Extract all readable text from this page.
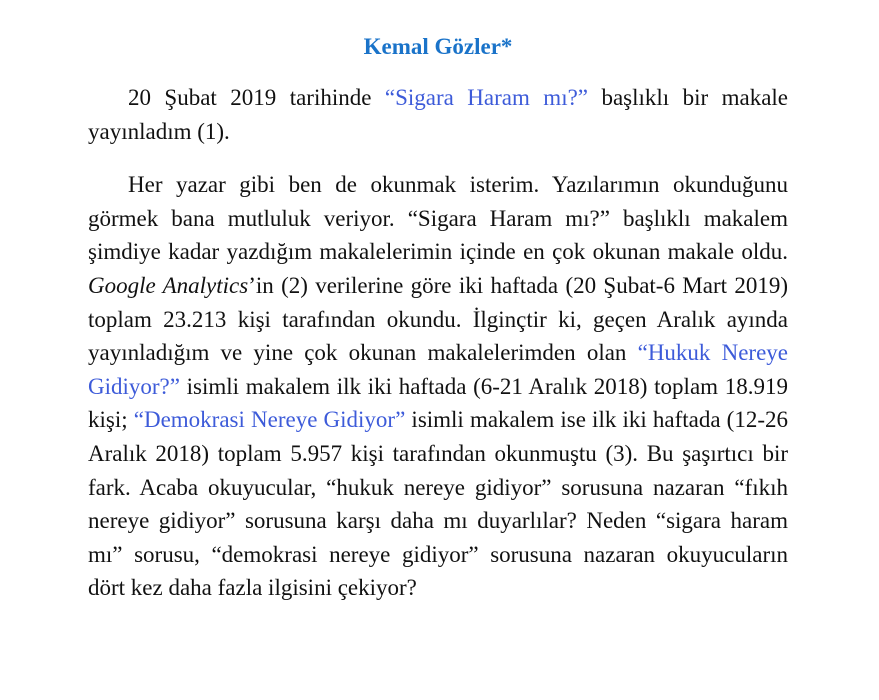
Kemal Gözler*

20 Şubat 2019 tarihinde “Sigara Haram mı?” başlıklı bir makale yayınladım (1).

Her yazar gibi ben de okunmak isterim. Yazılarımın okunduğunu görmek bana mutluluk veriyor. “Sigara Haram mı?” başlıklı makalem şimdiye kadar yazdığım makalelerimin içinde en çok okunan makale oldu. Google Analytics’in (2) verilerine göre iki haftada (20 Şubat-6 Mart 2019) toplam 23.213 kişi tarafından okundu. İlginçtir ki, geçen Aralık ayında yayınladığım ve yine çok okunan makalelerimden olan “Hukuk Nereye Gidiyor?” isimli makalem ilk iki haftada (6-21 Aralık 2018) toplam 18.919 kişi; “Demokrasi Nereye Gidiyor” isimli makalem ise ilk iki haftada (12-26 Aralık 2018) toplam 5.957 kişi tarafından okunmuştu (3). Bu şaşırtıcı bir fark. Acaba okuyucular, “hukuk nereye gidiyor” sorusuna nazaran “fıkıh nereye gidiyor” sorusuna karşı daha mı duyarlılar? Neden “sigara haram mı” sorusu, “demokrasi nereye gidiyor” sorusuna nazaran okuyucuların dört kez daha fazla ilgisini çekiyor?
